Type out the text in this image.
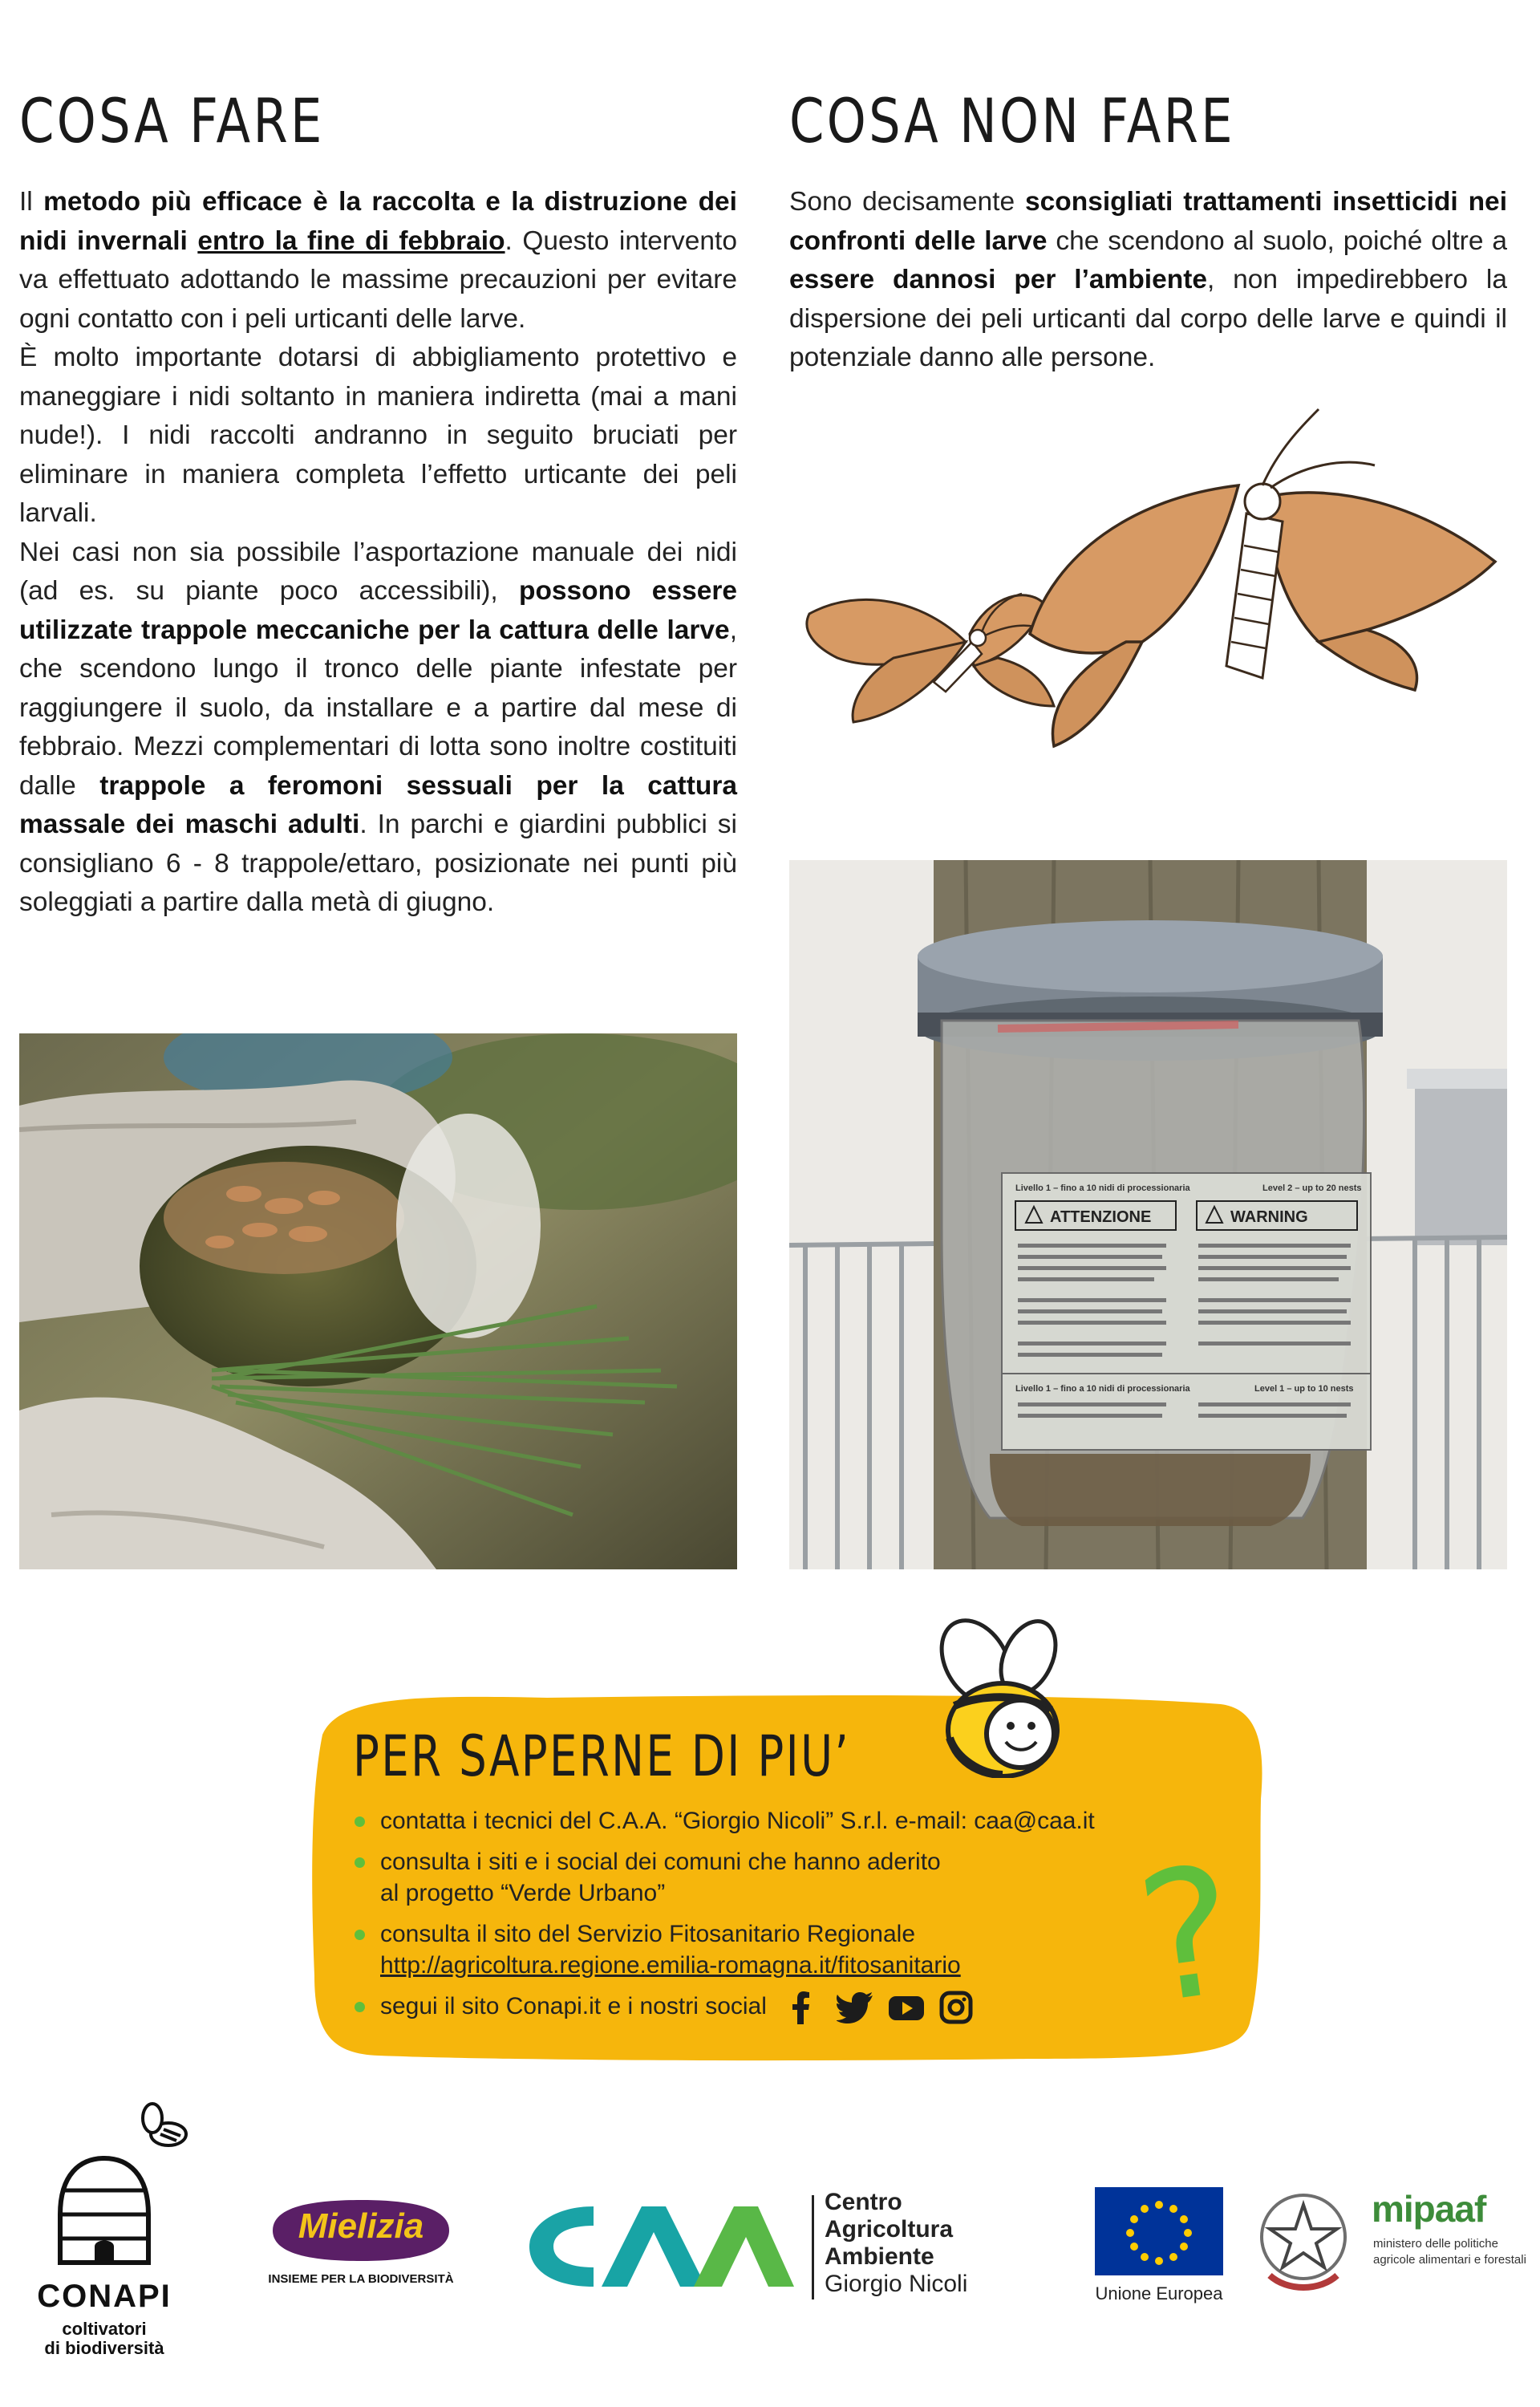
COSA FARE
Il metodo più efficace è la raccolta e la distruzione dei nidi invernali entro la fine di febbraio. Questo intervento va effettuato adottando le massime precauzioni per evitare ogni contatto con i peli urticanti delle larve.
È molto importante dotarsi di abbigliamento protettivo e maneggiare i nidi soltanto in maniera indiretta (mai a mani nude!). I nidi raccolti andranno in seguito bruciati per eliminare in maniera completa l’effetto urticante dei peli larvali.
Nei casi non sia possibile l’asportazione manuale dei nidi (ad es. su piante poco accessibili), possono essere utilizzate trappole meccaniche per la cattura delle larve, che scendono lungo il tronco delle piante infestate per raggiungere il suolo, da installare e a partire dal mese di febbraio. Mezzi complementari di lotta sono inoltre costituiti dalle trappole a feromoni sessuali per la cattura massale dei maschi adulti. In parchi e giardini pubblici si consigliano 6 - 8 trappole/ettaro, posizionate nei punti più soleggiati a partire dalla metà di giugno.
COSA NON FARE
Sono decisamente sconsigliati trattamenti insetticidi nei confronti delle larve che scendono al suolo, poiché oltre a essere dannosi per l’ambiente, non impedirebbero la dispersione dei peli urticanti dal corpo delle larve e quindi il potenziale danno alle persone.
ATTENZIONE	WARNING
Livello 1 – fino a 10 nidi di processionaria	Level 2 – up to 20 nests
Livello 1 – fino a 10 nidi di processionaria	Level 1 – up to 10 nests
PER SAPERNE DI PIU’
contatta i tecnici del C.A.A. “Giorgio Nicoli” S.r.l. e-mail: caa@caa.it
consulta i siti e i social dei comuni che hanno aderito
al progetto “Verde Urbano”
consulta il sito del Servizio Fitosanitario Regionale
http://agricoltura.regione.emilia-romagna.it/fitosanitario
segui il sito Conapi.it e i nostri social	?
CONAPI
coltivatori
di biodiversità
Mielizia
INSIEME PER LA BIODIVERSITÀ
Centro
Agricoltura
Ambiente
Giorgio Nicoli	Unione Europea
mipaaf
ministero delle politiche
agricole alimentari e forestali
